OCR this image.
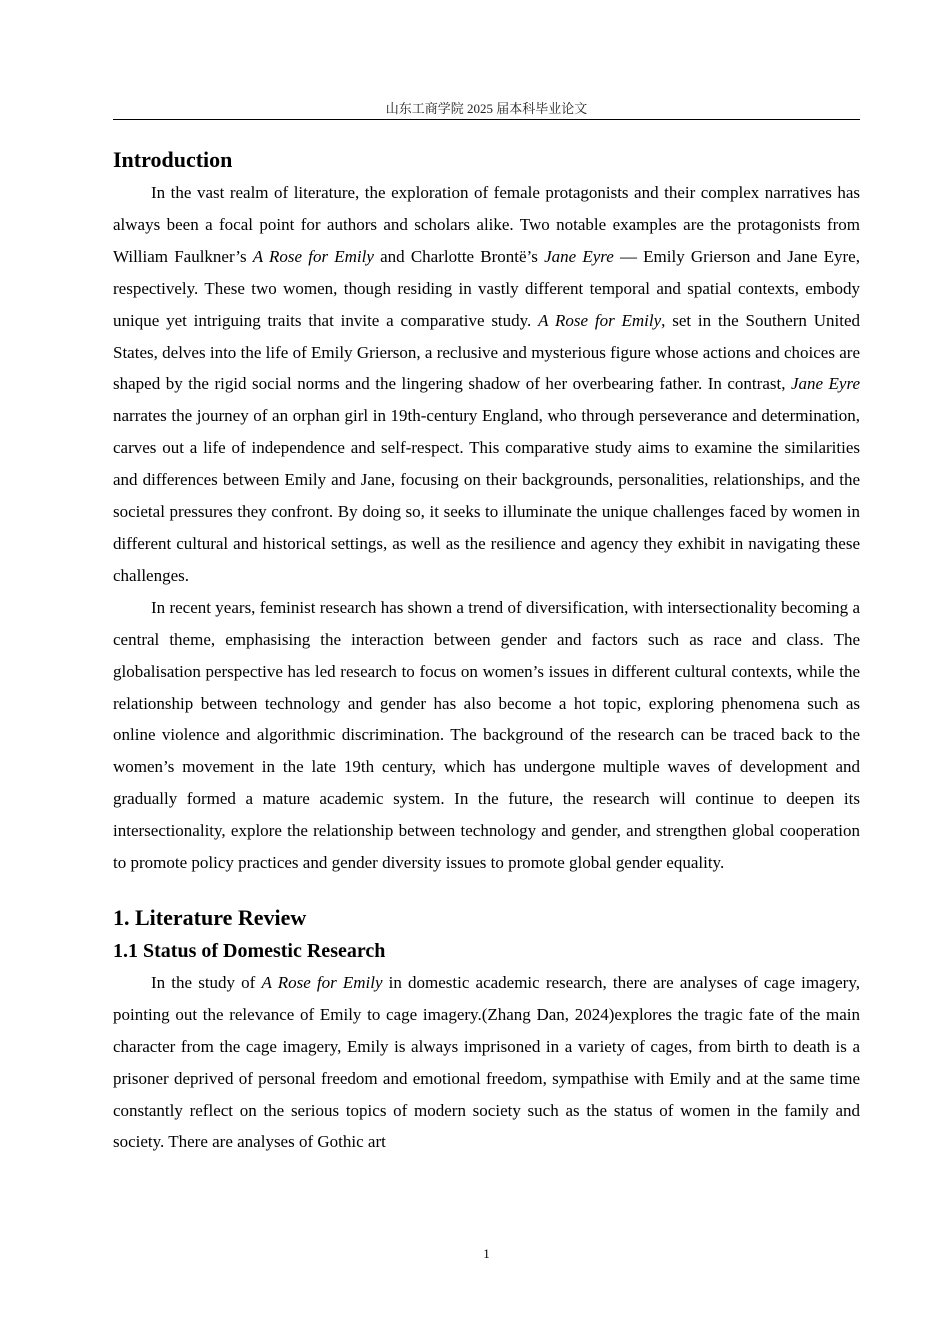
山东工商学院 2025 届本科毕业论文
Introduction

In the vast realm of literature, the exploration of female protagonists and their complex narratives has always been a focal point for authors and scholars alike. Two notable examples are the protagonists from William Faulkner’s A Rose for Emily and Charlotte Brontë’s Jane Eyre — Emily Grierson and Jane Eyre, respectively. These two women, though residing in vastly different temporal and spatial contexts, embody unique yet intriguing traits that invite a comparative study. A Rose for Emily, set in the Southern United States, delves into the life of Emily Grierson, a reclusive and mysterious figure whose actions and choices are shaped by the rigid social norms and the lingering shadow of her overbearing father. In contrast, Jane Eyre narrates the journey of an orphan girl in 19th-century England, who through perseverance and determination, carves out a life of independence and self-respect. This comparative study aims to examine the similarities and differences between Emily and Jane, focusing on their backgrounds, personalities, relationships, and the societal pressures they confront. By doing so, it seeks to illuminate the unique challenges faced by women in different cultural and historical settings, as well as the resilience and agency they exhibit in navigating these challenges.

In recent years, feminist research has shown a trend of diversification, with intersectionality becoming a central theme, emphasising the interaction between gender and factors such as race and class. The globalisation perspective has led research to focus on women’s issues in different cultural contexts, while the relationship between technology and gender has also become a hot topic, exploring phenomena such as online violence and algorithmic discrimination. The background of the research can be traced back to the women’s movement in the late 19th century, which has undergone multiple waves of development and gradually formed a mature academic system. In the future, the research will continue to deepen its intersectionality, explore the relationship between technology and gender, and strengthen global cooperation to promote policy practices and gender diversity issues to promote global gender equality.

1. Literature Review
1.1 Status of Domestic Research

In the study of A Rose for Emily in domestic academic research, there are analyses of cage imagery, pointing out the relevance of Emily to cage imagery.(Zhang Dan, 2024)explores the tragic fate of the main character from the cage imagery, Emily is always imprisoned in a variety of cages, from birth to death is a prisoner deprived of personal freedom and emotional freedom, sympathise with Emily and at the same time constantly reflect on the serious topics of modern society such as the status of women in the family and society. There are analyses of Gothic art

1
